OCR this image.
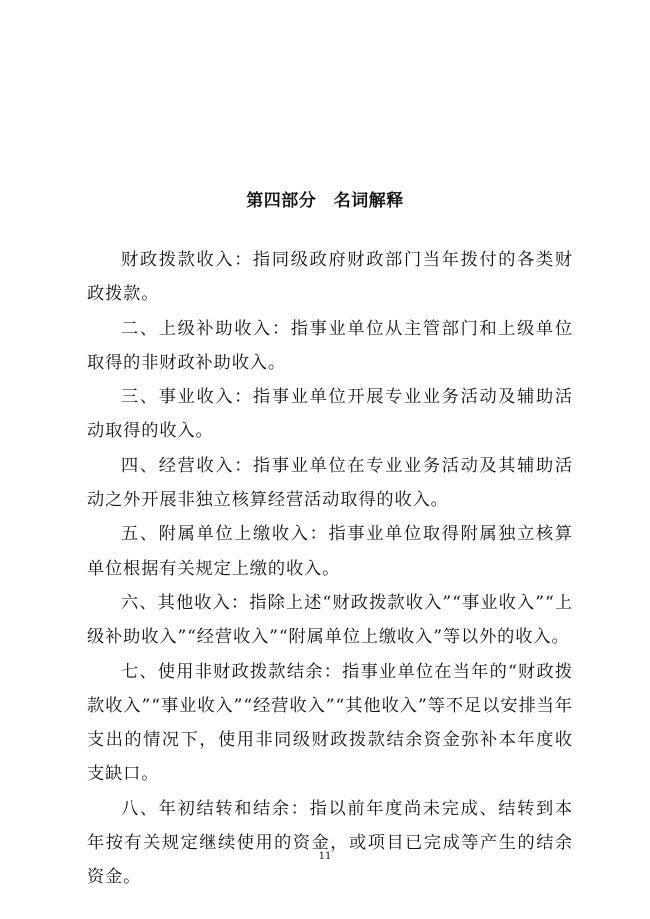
第四部分　名词解释

财政拨款收入：指同级政府财政部门当年拨付的各类财政拨款。

二、上级补助收入：指事业单位从主管部门和上级单位取得的非财政补助收入。

三、事业收入：指事业单位开展专业业务活动及辅助活动取得的收入。

四、经营收入：指事业单位在专业业务活动及其辅助活动之外开展非独立核算经营活动取得的收入。

五、附属单位上缴收入：指事业单位取得附属独立核算单位根据有关规定上缴的收入。

六、其他收入：指除上述“财政拨款收入”“事业收入”“上级补助收入”“经营收入”“附属单位上缴收入”等以外的收入。

七、使用非财政拨款结余：指事业单位在当年的“财政拨款收入”“事业收入”“经营收入”“其他收入”等不足以安排当年支出的情况下，使用非同级财政拨款结余资金弥补本年度收支缺口。

八、年初结转和结余：指以前年度尚未完成、结转到本年按有关规定继续使用的资金，或项目已完成等产生的结余资金。

11
